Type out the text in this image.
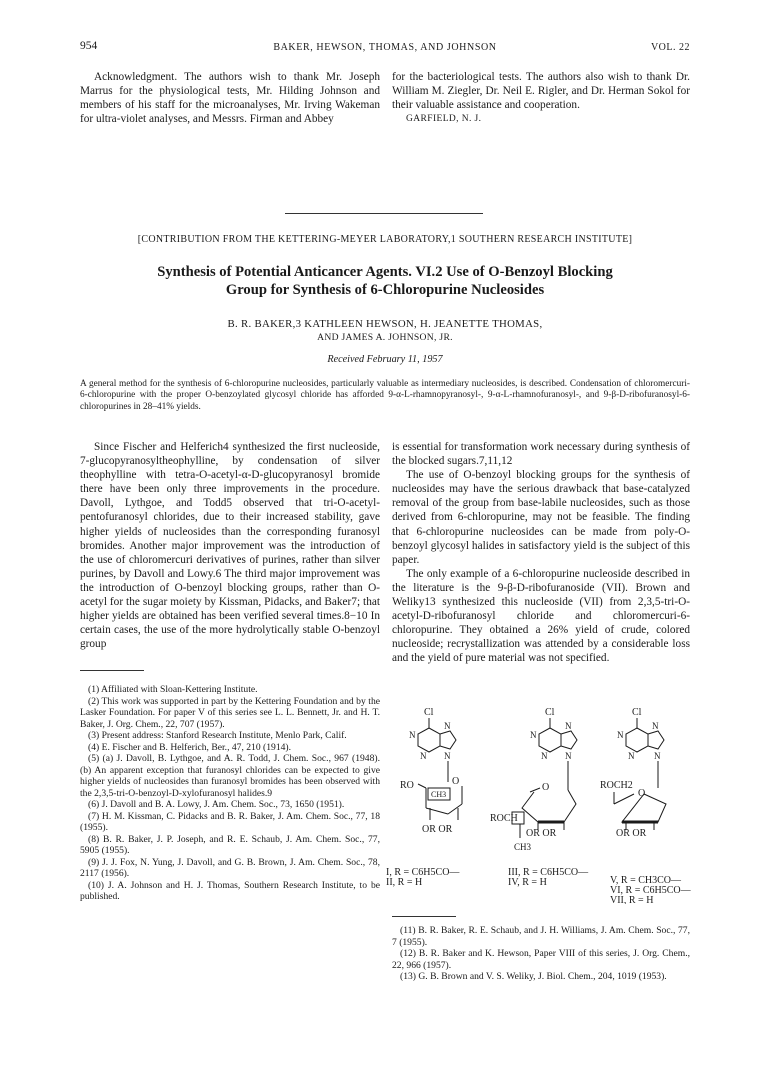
954	BAKER, HEWSON, THOMAS, AND JOHNSON	VOL. 22

Acknowledgment. The authors wish to thank Mr. Joseph Marrus for the physiological tests, Mr. Hilding Johnson and members of his staff for the microanalyses, Mr. Irving Wakeman for ultra-violet analyses, and Messrs. Firman and Abbey

for the bacteriological tests. The authors also wish to thank Dr. William M. Ziegler, Dr. Neil E. Rigler, and Dr. Herman Sokol for their valuable assistance and cooperation.

GARFIELD, N. J.

[CONTRIBUTION FROM THE KETTERING-MEYER LABORATORY,1 SOUTHERN RESEARCH INSTITUTE]
Synthesis of Potential Anticancer Agents. VI.2 Use of O-Benzoyl Blocking
Group for Synthesis of 6-Chloropurine Nucleosides
B. R. BAKER,3 KATHLEEN HEWSON, H. JEANETTE THOMAS,
AND JAMES A. JOHNSON, JR.
Received February 11, 1957
A general method for the synthesis of 6-chloropurine nucleosides, particularly valuable as intermediary nucleosides, is described. Condensation of chloromercuri-6-chloropurine with the proper O-benzoylated glycosyl chloride has afforded 9-α-L-rhamnopyranosyl-, 9-α-L-rhamnofuranosyl-, and 9-β-D-ribofuranosyl-6-chloropurines in 28–41% yields.

Since Fischer and Helferich4 synthesized the first nucleoside, 7-glucopyranosyltheophylline, by condensation of silver theophylline with tetra-O-acetyl-α-D-glucopyranosyl bromide there have been only three improvements in the procedure. Davoll, Lythgoe, and Todd5 observed that tri-O-acetyl-pentofuranosyl chlorides, due to their increased stability, gave higher yields of nucleosides than the corresponding furanosyl bromides. Another major improvement was the introduction of the use of chloromercuri derivatives of purines, rather than silver purines, by Davoll and Lowy.6 The third major improvement was the introduction of O-benzoyl blocking groups, rather than O-acetyl for the sugar moiety by Kissman, Pidacks, and Baker7; that higher yields are obtained has been verified several times.8−10 In certain cases, the use of the more hydrolytically stable O-benzoyl group

is essential for transformation work necessary during synthesis of the blocked sugars.7,11,12

The use of O-benzoyl blocking groups for the synthesis of nucleosides may have the serious drawback that base-catalyzed removal of the group from base-labile nucleosides, such as those derived from 6-chloropurine, may not be feasible. The finding that 6-chloropurine nucleosides can be made from poly-O-benzoyl glycosyl halides in satisfactory yield is the subject of this paper.

The only example of a 6-chloropurine nucleoside described in the literature is the 9-β-D-ribofuranoside (VII). Brown and Weliky13 synthesized this nucleoside (VII) from 2,3,5-tri-O-acetyl-D-ribofuranosyl chloride and chloromercuri-6-chloropurine. They obtained a 26% yield of crude, colored nucleoside; recrystallization was attended by a considerable loss and the yield of pure material was not specified.

(1) Affiliated with Sloan-Kettering Institute.

(2) This work was supported in part by the Kettering Foundation and by the Lasker Foundation. For paper V of this series see L. L. Bennett, Jr. and H. T. Baker, J. Org. Chem., 22, 707 (1957).

(3) Present address: Stanford Research Institute, Menlo Park, Calif.

(4) E. Fischer and B. Helferich, Ber., 47, 210 (1914).

(5) (a) J. Davoll, B. Lythgoe, and A. R. Todd, J. Chem. Soc., 967 (1948). (b) An apparent exception that furanosyl chlorides can be expected to give higher yields of nucleosides than furanosyl bromides has been observed with the 2,3,5-tri-O-benzoyl-D-xylofuranosyl halides.9

(6) J. Davoll and B. A. Lowy, J. Am. Chem. Soc., 73, 1650 (1951).

(7) H. M. Kissman, C. Pidacks and B. R. Baker, J. Am. Chem. Soc., 77, 18 (1955).

(8) B. R. Baker, J. P. Joseph, and R. E. Schaub, J. Am. Chem. Soc., 77, 5905 (1955).

(9) J. J. Fox, N. Yung, J. Davoll, and G. B. Brown, J. Am. Chem. Soc., 78, 2117 (1956).

(10) J. A. Johnson and H. J. Thomas, Southern Research Institute, to be published.

Cl
N
N
N N
RO	O
CH3
OR OR
I, R = C6H5CO—
II, R = H
Cl
N
N
N N
O
ROCH
OR OR
CH3
III, R = C6H5CO—
IV, R = H
Cl
N
N
N N
ROCH2
O
OR OR
V, R = CH3CO—
VI, R = C6H5CO—
VII, R = H

(11) B. R. Baker, R. E. Schaub, and J. H. Williams, J. Am. Chem. Soc., 77, 7 (1955).

(12) B. R. Baker and K. Hewson, Paper VIII of this series, J. Org. Chem., 22, 966 (1957).

(13) G. B. Brown and V. S. Weliky, J. Biol. Chem., 204, 1019 (1953).
